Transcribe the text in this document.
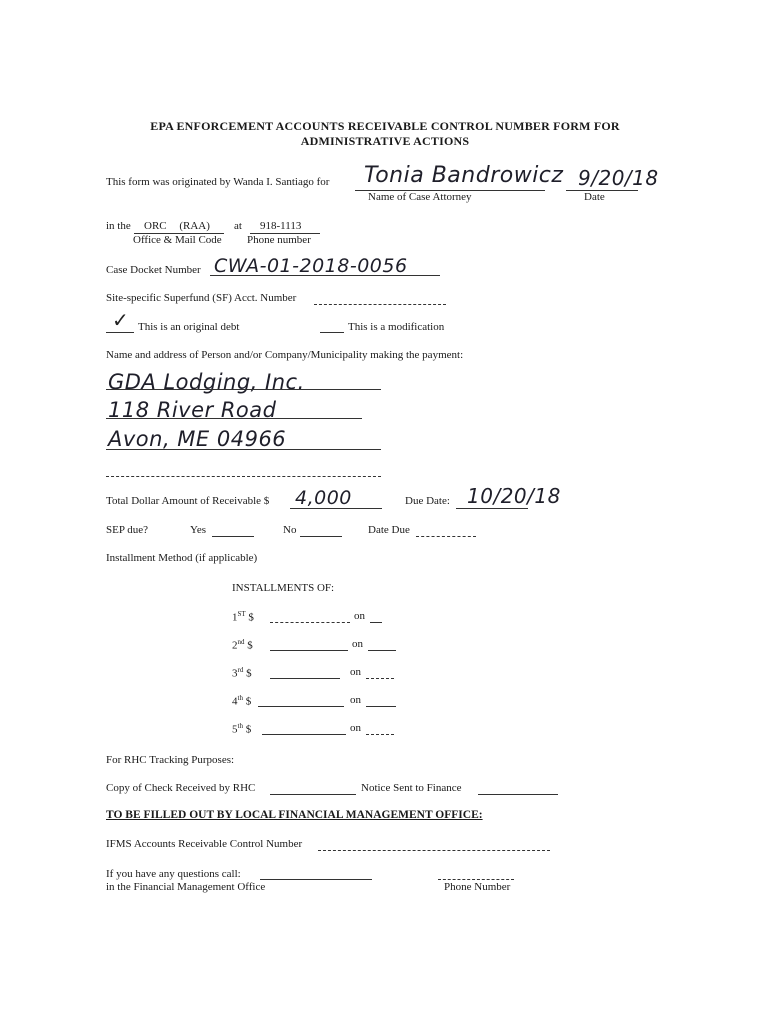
EPA ENFORCEMENT ACCOUNTS RECEIVABLE CONTROL NUMBER FORM FOR
ADMINISTRATIVE ACTIONS
This form was originated by Wanda I. Santiago for Tonia Bandrowicz
Name of Case Attorney
9/20/18
Date
in the ORC (RAA) at 918-1113
Office & Mail Code Phone number
Case Docket Number CWA-01-2018-0056
Site-specific Superfund (SF) Acct. Number
✓ This is an original debt	This is a modification
Name and address of Person and/or Company/Municipality making the payment:
GDA Lodging, Inc.
118 River Road
Avon, ME 04966
Total Dollar Amount of Receivable $ 4,000	Due Date: 10/20/18
SEP due?	Yes	No	Date Due
Installment Method (if applicable)
INSTALLMENTS OF:
1ST $	on
2nd $	on
3rd $	on
4th $	on
5th $	on
For RHC Tracking Purposes:
Copy of Check Received by RHC	Notice Sent to Finance
TO BE FILLED OUT BY LOCAL FINANCIAL MANAGEMENT OFFICE:
IFMS Accounts Receivable Control Number
If you have any questions call:
in the Financial Management Office	Phone Number
